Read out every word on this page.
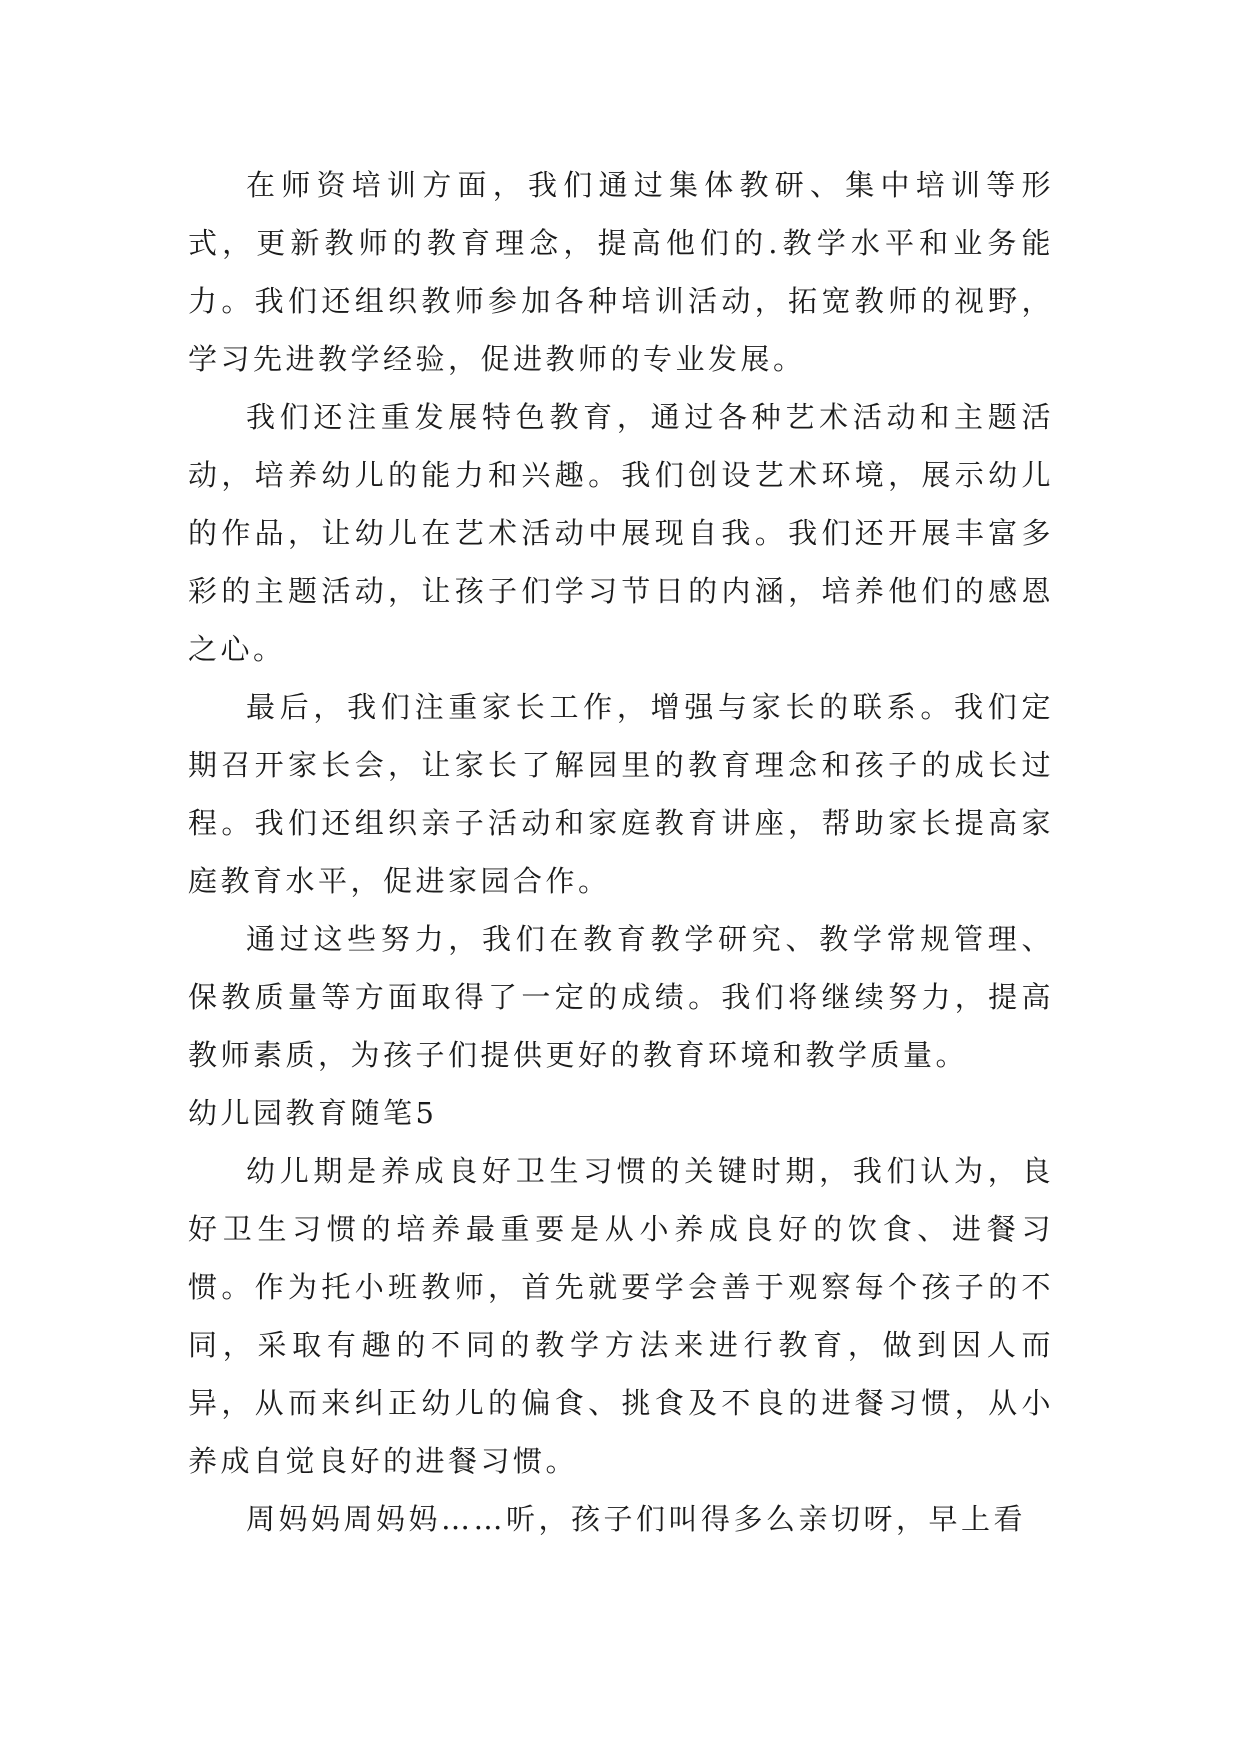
在师资培训方面，我们通过集体教研、集中培训等形式，更新教师的教育理念，提高他们的.教学水平和业务能力。我们还组织教师参加各种培训活动，拓宽教师的视野，学习先进教学经验，促进教师的专业发展。

我们还注重发展特色教育，通过各种艺术活动和主题活动，培养幼儿的能力和兴趣。我们创设艺术环境，展示幼儿的作品，让幼儿在艺术活动中展现自我。我们还开展丰富多彩的主题活动，让孩子们学习节日的内涵，培养他们的感恩之心。

最后，我们注重家长工作，增强与家长的联系。我们定期召开家长会，让家长了解园里的教育理念和孩子的成长过程。我们还组织亲子活动和家庭教育讲座，帮助家长提高家庭教育水平，促进家园合作。

通过这些努力，我们在教育教学研究、教学常规管理、保教质量等方面取得了一定的成绩。我们将继续努力，提高教师素质，为孩子们提供更好的教育环境和教学质量。

幼儿园教育随笔5

幼儿期是养成良好卫生习惯的关键时期，我们认为，良好卫生习惯的培养最重要是从小养成良好的饮食、进餐习惯。作为托小班教师，首先就要学会善于观察每个孩子的不同，采取有趣的不同的教学方法来进行教育，做到因人而异，从而来纠正幼儿的偏食、挑食及不良的进餐习惯，从小养成自觉良好的进餐习惯。

周妈妈周妈妈……听，孩子们叫得多么亲切呀，早上看
